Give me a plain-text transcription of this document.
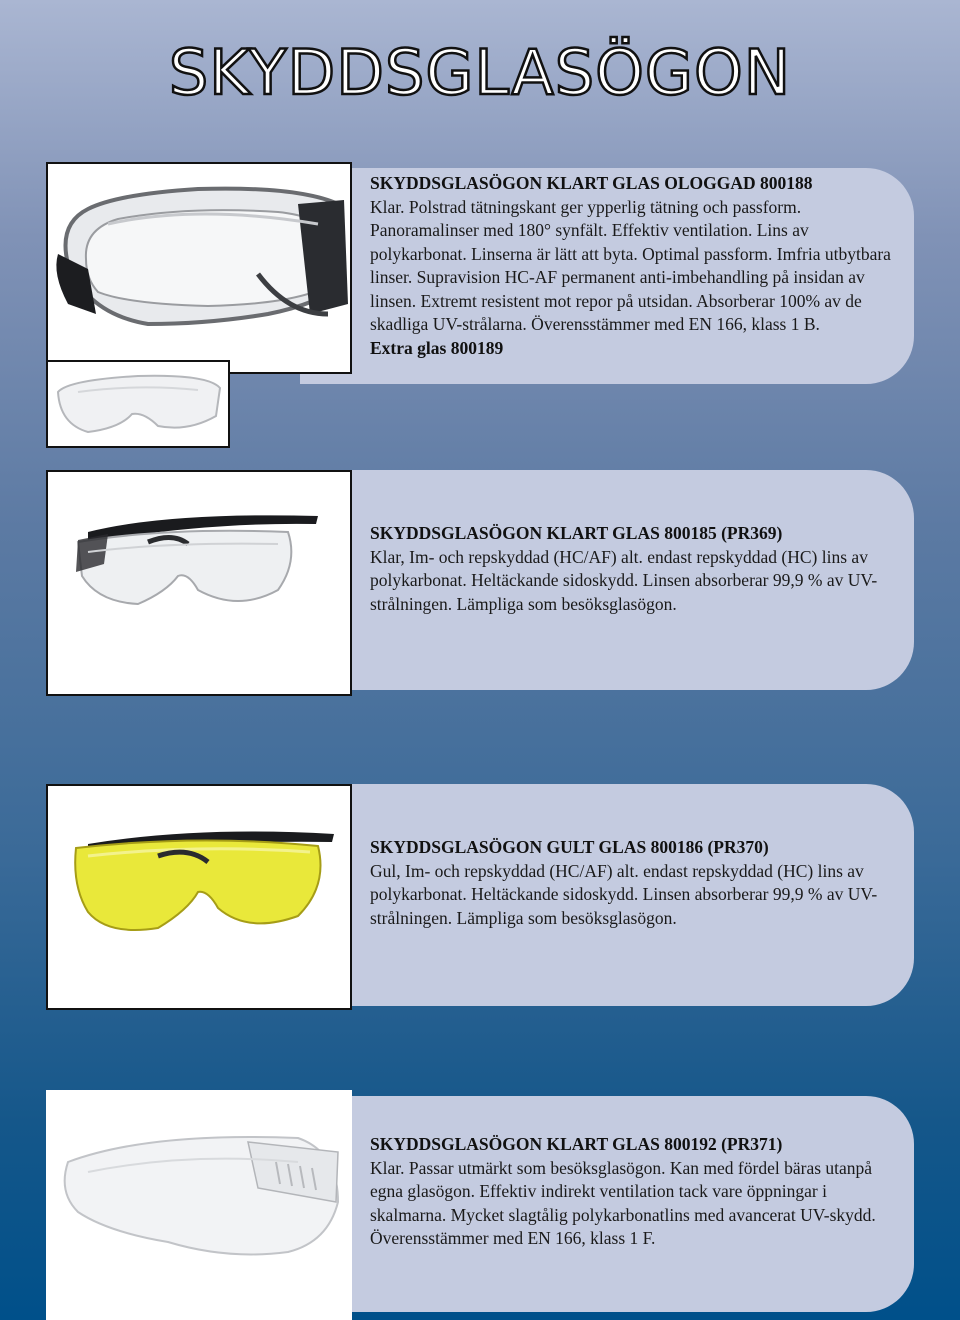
SKYDDSGLASÖGON

SKYDDSGLASÖGON KLART GLAS OLOGGAD 800188

Klar. Polstrad tätningskant ger ypperlig tätning och passform. Panoramalinser med 180° synfält. Effektiv ventilation. Lins av polykarbonat. Linserna är lätt att byta. Optimal passform. Imfria utbytbara linser. Supravision HC-AF permanent anti-imbehandling på insidan av linsen. Extremt resistent mot repor på utsidan. Absorberar 100% av de skadliga UV-strålarna. Överensstämmer med EN 166, klass 1 B.

Extra glas 800189

SKYDDSGLASÖGON KLART GLAS 800185 (PR369)

Klar, Im- och repskyddad (HC/AF) alt. endast repskyddad (HC) lins av polykarbonat. Heltäckande sidoskydd. Linsen absorberar 99,9 % av UV-strålningen. Lämpliga som besöksglasögon.

SKYDDSGLASÖGON GULT GLAS 800186 (PR370)

Gul, Im- och repskyddad (HC/AF) alt. endast repskyddad (HC) lins av polykarbonat. Heltäckande sidoskydd. Linsen absorberar 99,9 % av UV-strålningen. Lämpliga som besöksglasögon.

SKYDDSGLASÖGON KLART GLAS 800192 (PR371)

Klar. Passar utmärkt som besöksglasögon. Kan med fördel bäras utanpå egna glasögon. Effektiv indirekt ventilation tack vare öppningar i skalmarna. Mycket slagtålig polykarbonatlins med avancerat UV-skydd. Överensstämmer med EN 166, klass 1 F.
